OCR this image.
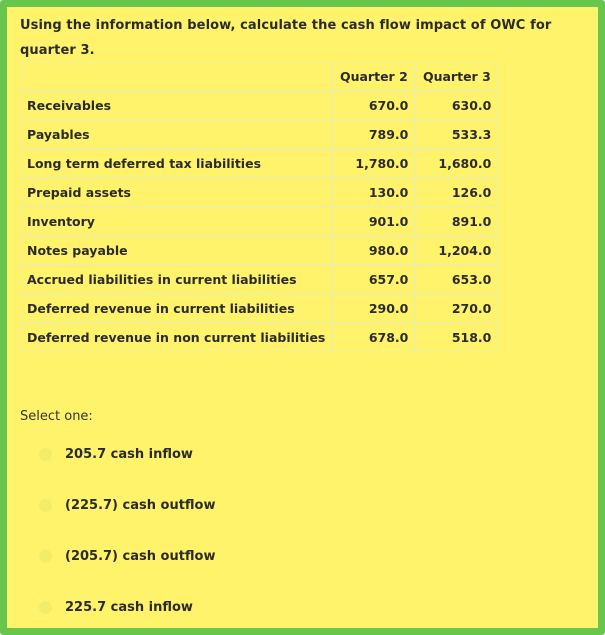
Using the information below, calculate the cash flow impact of OWC for quarter 3.
	Quarter 2	Quarter 3
Receivables	670.0	630.0
Payables	789.0	533.3
Long term deferred tax liabilities	1,780.0	1,680.0
Prepaid assets	130.0	126.0
Inventory	901.0	891.0
Notes payable	980.0	1,204.0
Accrued liabilities in current liabilities	657.0	653.0
Deferred revenue in current liabilities	290.0	270.0
Deferred revenue in non current liabilities	678.0	518.0
Select one:
205.7 cash inflow
(225.7) cash outflow
(205.7) cash outflow
225.7 cash inflow
